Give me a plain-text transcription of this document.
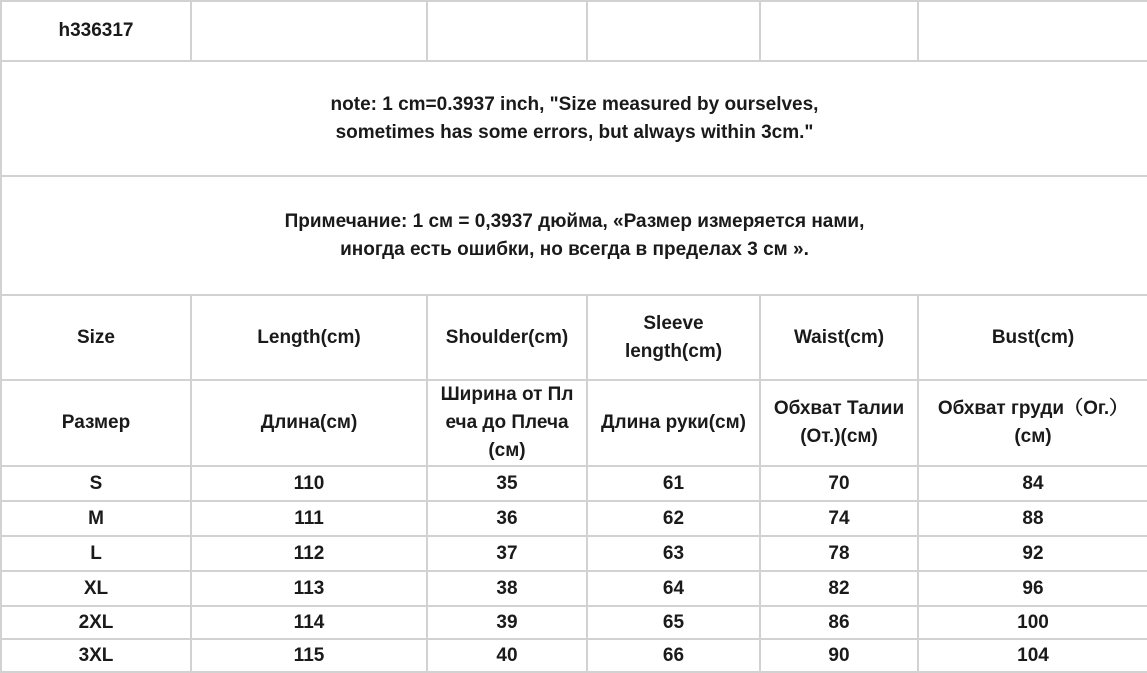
h336317					
note: 1 cm=0.3937 inch, "Size measured by ourselves,
sometimes has some errors, but always within 3cm."					
Примечание: 1 см = 0,3937 дюйма, «Размер измеряется нами,
иногда есть ошибки, но всегда в пределах 3 см ».					
Size	Length(cm)	Shoulder(cm)	Sleeve
length(cm)	Waist(cm)	Bust(cm)
Размер	Длина(см)	Ширина от Пл
еча до Плеча
(см)	Длина руки(см)	Обхват Талии
(От.)(см)	Обхват груди（Ог.）
(см)
S	110	35	61	70	84
M	111	36	62	74	88
L	112	37	63	78	92
XL	113	38	64	82	96
2XL	114	39	65	86	100
3XL	115	40	66	90	104
